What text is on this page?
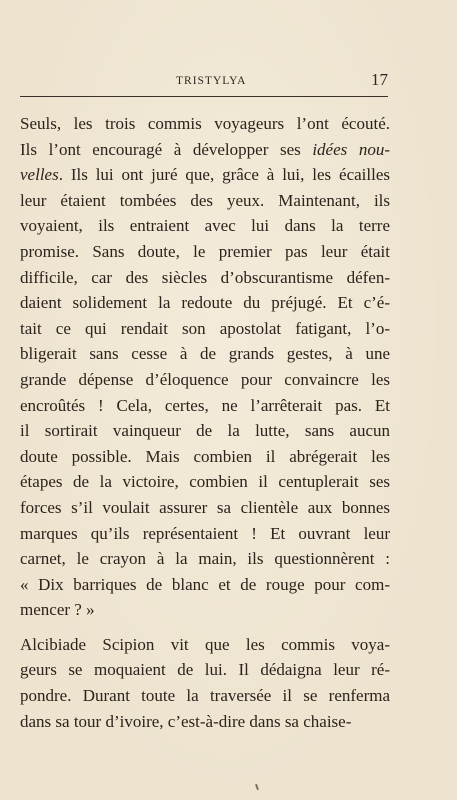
TRISTYLYA	17
Seuls, les trois commis voyageurs l’ont écouté.
Ils l’ont encouragé à développer ses idées nou-
velles. Ils lui ont juré que, grâce à lui, les écailles
leur étaient tombées des yeux. Maintenant, ils
voyaient, ils entraient avec lui dans la terre
promise. Sans doute, le premier pas leur était
difficile, car des siècles d’obscurantisme défen-
daient solidement la redoute du préjugé. Et c’é-
tait ce qui rendait son apostolat fatigant, l’o-
bligerait sans cesse à de grands gestes, à une
grande dépense d’éloquence pour convaincre les
encroûtés ! Cela, certes, ne l’arrêterait pas. Et
il sortirait vainqueur de la lutte, sans aucun
doute possible. Mais combien il abrégerait les
étapes de la victoire, combien il centuplerait ses
forces s’il voulait assurer sa clientèle aux bonnes
marques qu’ils représentaient ! Et ouvrant leur
carnet, le crayon à la main, ils questionnèrent :
« Dix barriques de blanc et de rouge pour com-
mencer ? »
Alcibiade Scipion vit que les commis voya-
geurs se moquaient de lui. Il dédaigna leur ré-
pondre. Durant toute la traversée il se renferma
dans sa tour d’ivoire, c’est-à-dire dans sa chaise-
